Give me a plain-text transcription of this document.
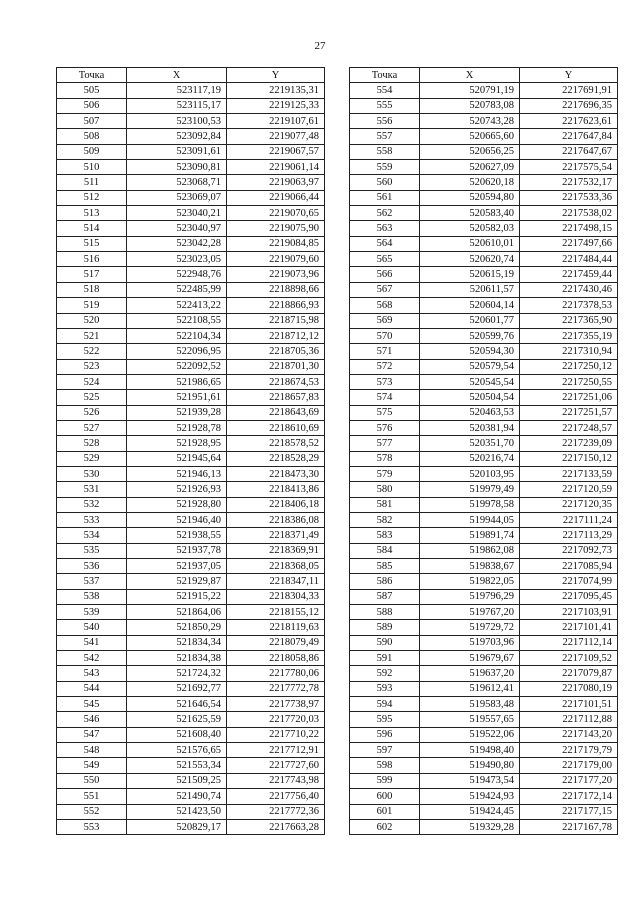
27
Точка	X	Y
505	523117,19	2219135,31
506	523115,17	2219125,33
507	523100,53	2219107,61
508	523092,84	2219077,48
509	523091,61	2219067,57
510	523090,81	2219061,14
511	523068,71	2219063,97
512	523069,07	2219066,44
513	523040,21	2219070,65
514	523040,97	2219075,90
515	523042,28	2219084,85
516	523023,05	2219079,60
517	522948,76	2219073,96
518	522485,99	2218898,66
519	522413,22	2218866,93
520	522108,55	2218715,98
521	522104,34	2218712,12
522	522096,95	2218705,36
523	522092,52	2218701,30
524	521986,65	2218674,53
525	521951,61	2218657,83
526	521939,28	2218643,69
527	521928,78	2218610,69
528	521928,95	2218578,52
529	521945,64	2218528,29
530	521946,13	2218473,30
531	521926,93	2218413,86
532	521928,80	2218406,18
533	521946,40	2218386,08
534	521938,55	2218371,49
535	521937,78	2218369,91
536	521937,05	2218368,05
537	521929,87	2218347,11
538	521915,22	2218304,33
539	521864,06	2218155,12
540	521850,29	2218119,63
541	521834,34	2218079,49
542	521834,38	2218058,86
543	521724,32	2217780,06
544	521692,77	2217772,78
545	521646,54	2217738,97
546	521625,59	2217720,03
547	521608,40	2217710,22
548	521576,65	2217712,91
549	521553,34	2217727,60
550	521509,25	2217743,98
551	521490,74	2217756,40
552	521423,50	2217772,36
553	520829,17	2217663,28
Точка	X	Y
554	520791,19	2217691,91
555	520783,08	2217696,35
556	520743,28	2217623,61
557	520665,60	2217647,84
558	520656,25	2217647,67
559	520627,09	2217575,54
560	520620,18	2217532,17
561	520594,80	2217533,36
562	520583,40	2217538,02
563	520582,03	2217498,15
564	520610,01	2217497,66
565	520620,74	2217484,44
566	520615,19	2217459,44
567	520611,57	2217430,46
568	520604,14	2217378,53
569	520601,77	2217365,90
570	520599,76	2217355,19
571	520594,30	2217310,94
572	520579,54	2217250,12
573	520545,54	2217250,55
574	520504,54	2217251,06
575	520463,53	2217251,57
576	520381,94	2217248,57
577	520351,70	2217239,09
578	520216,74	2217150,12
579	520103,95	2217133,59
580	519979,49	2217120,59
581	519978,58	2217120,35
582	519944,05	2217111,24
583	519891,74	2217113,29
584	519862,08	2217092,73
585	519838,67	2217085,94
586	519822,05	2217074,99
587	519796,29	2217095,45
588	519767,20	2217103,91
589	519729,72	2217101,41
590	519703,96	2217112,14
591	519679,67	2217109,52
592	519637,20	2217079,87
593	519612,41	2217080,19
594	519583,48	2217101,51
595	519557,65	2217112,88
596	519522,06	2217143,20
597	519498,40	2217179,79
598	519490,80	2217179,00
599	519473,54	2217177,20
600	519424,93	2217172,14
601	519424,45	2217177,15
602	519329,28	2217167,78
